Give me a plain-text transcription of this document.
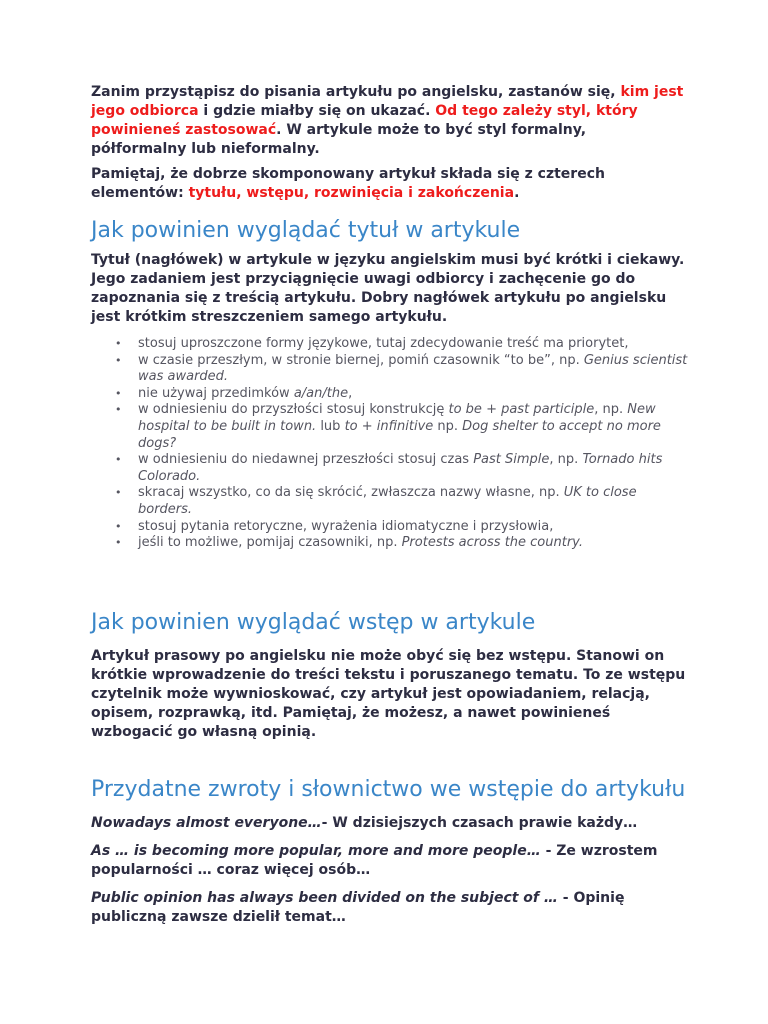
Zanim przystąpisz do pisania artykułu po angielsku, zastanów się, kim jest jego odbiorca i gdzie miałby się on ukazać. Od tego zależy styl, który powinieneś zastosować. W artykule może to być styl formalny,
półformalny lub nieformalny.

Pamiętaj, że dobrze skomponowany artykuł składa się z czterech elementów: tytułu, wstępu, rozwinięcia i zakończenia.

Jak powinien wyglądać tytuł w artykule

Tytuł (nagłówek) w artykule w języku angielskim musi być krótki i ciekawy. Jego zadaniem jest przyciągnięcie uwagi odbiorcy i zachęcenie go do zapoznania się z treścią artykułu. Dobry nagłówek artykułu po angielsku jest krótkim streszczeniem samego artykułu.

• stosuj uproszczone formy językowe, tutaj zdecydowanie treść ma priorytet,
• w czasie przeszłym, w stronie biernej, pomiń czasownik “to be”, np. Genius scientist was awarded.
• nie używaj przedimków a/an/the,
• w odniesieniu do przyszłości stosuj konstrukcję to be + past participle, np. New hospital to be built in town. lub to + infinitive np. Dog shelter to accept no more dogs?
• w odniesieniu do niedawnej przeszłości stosuj czas Past Simple, np. Tornado hits Colorado.
• skracaj wszystko, co da się skrócić, zwłaszcza nazwy własne, np. UK to close borders.
• stosuj pytania retoryczne, wyrażenia idiomatyczne i przysłowia,
• jeśli to możliwe, pomijaj czasowniki, np. Protests across the country.
Jak powinien wyglądać wstęp w artykule

Artykuł prasowy po angielsku nie może obyć się bez wstępu. Stanowi on krótkie wprowadzenie do treści tekstu i poruszanego tematu. To ze wstępu czytelnik może wywnioskować, czy artykuł jest opowiadaniem, relacją, opisem, rozprawką, itd. Pamiętaj, że możesz, a nawet powinieneś wzbogacić go własną opinią.

Przydatne zwroty i słownictwo we wstępie do artykułu

Nowadays almost everyone…- W dzisiejszych czasach prawie każdy…

As … is becoming more popular, more and more people… - Ze wzrostem popularności … coraz więcej osób…

Public opinion has always been divided on the subject of … - Opinię publiczną zawsze dzielił temat…
